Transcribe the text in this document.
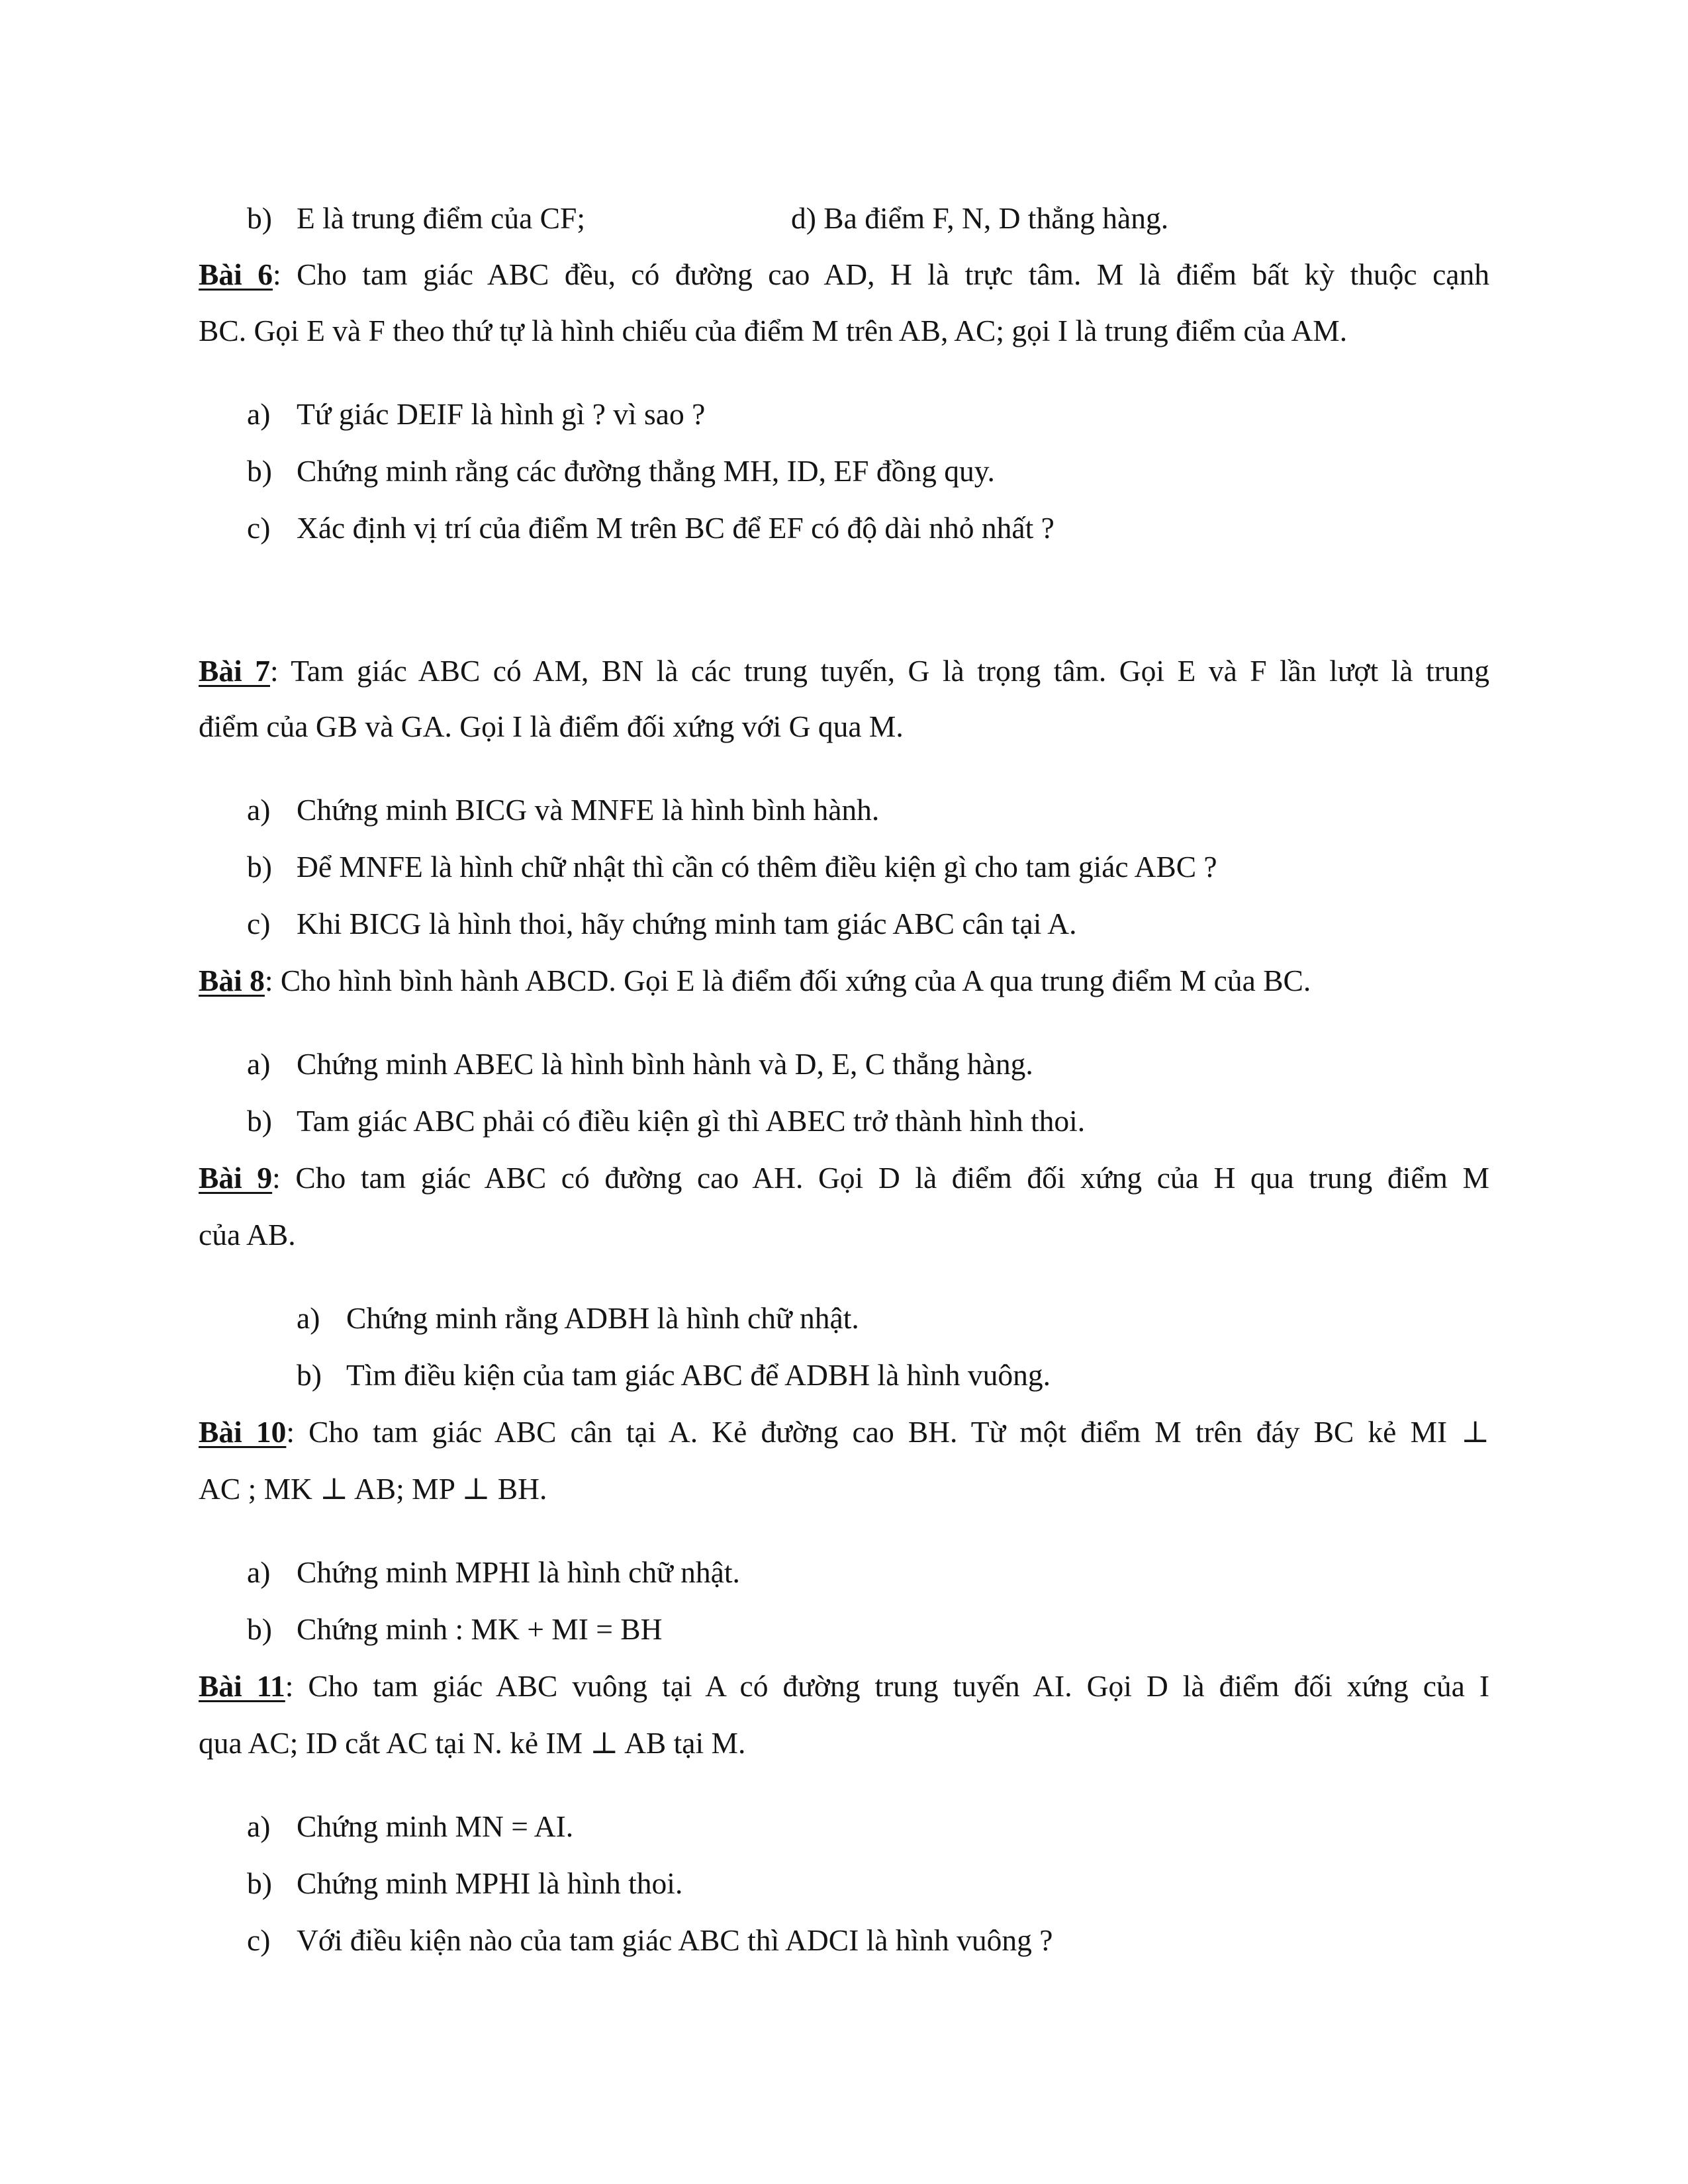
b) E là trung điểm của CF;	d) Ba điểm F, N, D thẳng hàng.
Bài 6: Cho tam giác ABC đều, có đường cao AD, H là trực tâm. M là điểm bất kỳ thuộc cạnh
BC. Gọi E và F theo thứ tự là hình chiếu của điểm M trên AB, AC; gọi I là trung điểm của AM.
a) Tứ giác DEIF là hình gì ? vì sao ?
b) Chứng minh rằng các đường thẳng MH, ID, EF đồng quy.
c) Xác định vị trí của điểm M trên BC để EF có độ dài nhỏ nhất ?
Bài 7: Tam giác ABC có AM, BN là các trung tuyến, G là trọng tâm. Gọi E và F lần lượt là trung
điểm của GB và GA. Gọi I là điểm đối xứng với G qua M.
a) Chứng minh BICG và MNFE là hình bình hành.
b) Để MNFE là hình chữ nhật thì cần có thêm điều kiện gì cho tam giác ABC ?
c) Khi BICG là hình thoi, hãy chứng minh tam giác ABC cân tại A.
Bài 8: Cho hình bình hành ABCD. Gọi E là điểm đối xứng của A qua trung điểm M của BC.
a) Chứng minh ABEC là hình bình hành và D, E, C thẳng hàng.
b) Tam giác ABC phải có điều kiện gì thì ABEC trở thành hình thoi.
Bài 9: Cho tam giác ABC có đường cao AH. Gọi D là điểm đối xứng của H qua trung điểm M
của AB.
a) Chứng minh rằng ADBH là hình chữ nhật.
b) Tìm điều kiện của tam giác ABC để ADBH là hình vuông.
Bài 10: Cho tam giác ABC cân tại A. Kẻ đường cao BH. Từ một điểm M trên đáy BC kẻ MI ⊥
AC ; MK ⊥ AB; MP ⊥ BH.
a) Chứng minh MPHI là hình chữ nhật.
b) Chứng minh : MK + MI = BH
Bài 11: Cho tam giác ABC vuông tại A có đường trung tuyến AI. Gọi D là điểm đối xứng của I
qua AC; ID cắt AC tại N. kẻ IM ⊥ AB tại M.
a) Chứng minh MN = AI.
b) Chứng minh MPHI là hình thoi.
c) Với điều kiện nào của tam giác ABC thì ADCI là hình vuông ?
